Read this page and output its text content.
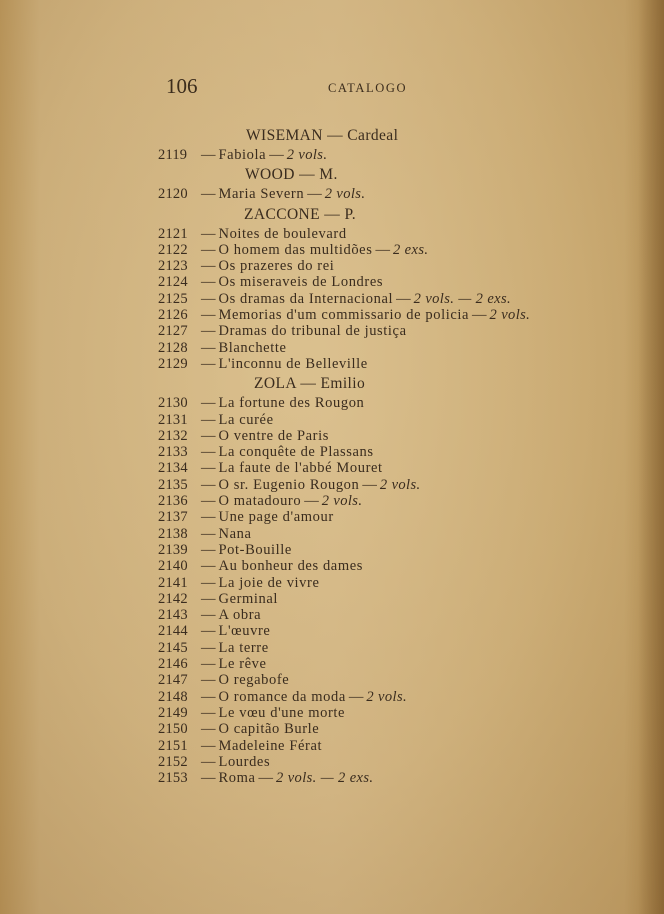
106	CATALOGO
WISEMAN — Cardeal
2119 — Fabiola — 2 vols.
WOOD — M.
2120 — Maria Severn — 2 vols.
ZACCONE — P.
2121 — Noites de boulevard
2122 — O homem das multidões — 2 exs.
2123 — Os prazeres do rei
2124 — Os miseraveis de Londres
2125 — Os dramas da Internacional — 2 vols. — 2 exs.
2126 — Memorias d'um commissario de policia — 2 vols.
2127 — Dramas do tribunal de justiça
2128 — Blanchette
2129 — L'inconnu de Belleville
ZOLA — Emilio
2130 — La fortune des Rougon
2131 — La curée
2132 — O ventre de Paris
2133 — La conquête de Plassans
2134 — La faute de l'abbé Mouret
2135 — O sr. Eugenio Rougon — 2 vols.
2136 — O matadouro — 2 vols.
2137 — Une page d'amour
2138 — Nana
2139 — Pot-Bouille
2140 — Au bonheur des dames
2141 — La joie de vivre
2142 — Germinal
2143 — A obra
2144 — L'œuvre
2145 — La terre
2146 — Le rêve
2147 — O regabofe
2148 — O romance da moda — 2 vols.
2149 — Le vœu d'une morte
2150 — O capitão Burle
2151 — Madeleine Férat
2152 — Lourdes
2153 — Roma — 2 vols. — 2 exs.
